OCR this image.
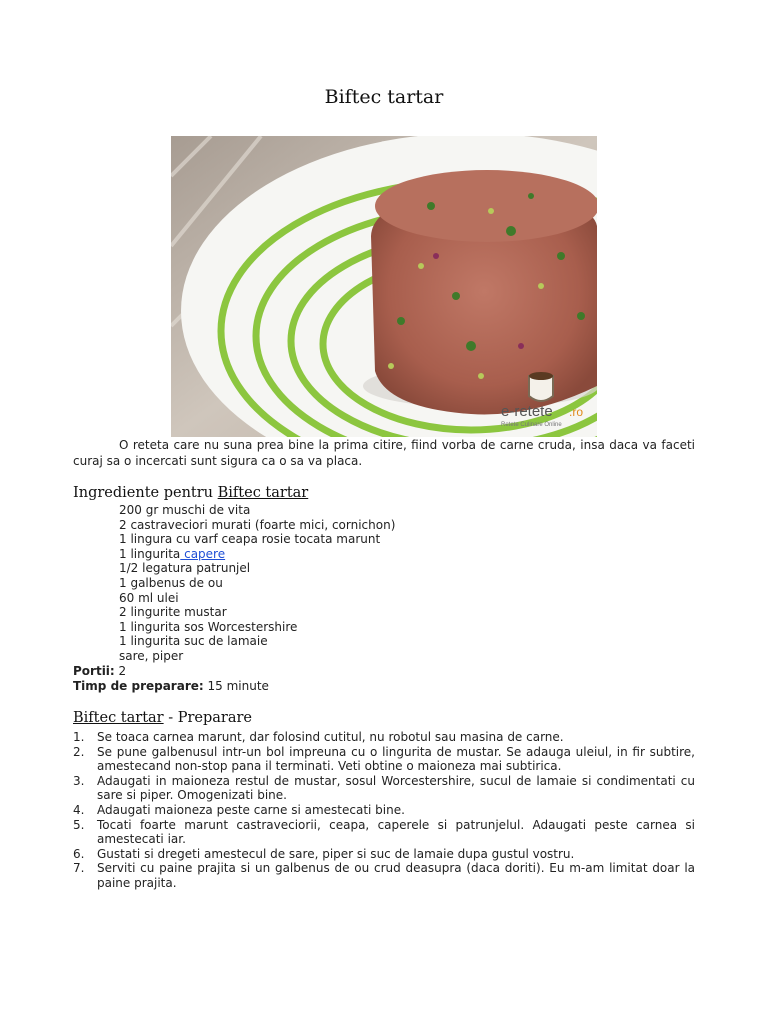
Biftec tartar
e-retete .ro
Retete Culinare Online

O reteta care nu suna prea bine la prima citire, fiind vorba de carne cruda, insa daca va faceti curaj sa o incercati sunt sigura ca o sa va placa.

Ingrediente pentru Biftec tartar
200 gr muschi de vita
2 castraveciori murati (foarte mici, cornichon)
1 lingura cu varf ceapa rosie tocata marunt
1 lingurita capere
1/2 legatura patrunjel
1 galbenus de ou
60 ml ulei
2 lingurite mustar
1 lingurita sos Worcestershire
1 lingurita suc de lamaie
sare, piper
Portii: 2
Timp de preparare: 15 minute
Biftec tartar - Preparare
1.	Se toaca carnea marunt, dar folosind cutitul, nu robotul sau masina de carne.
2.	Se pune galbenusul intr-un bol impreuna cu o lingurita de mustar. Se adauga uleiul, in fir subtire, amestecand non-stop pana il terminati. Veti obtine o maioneza mai subtirica.
3.	Adaugati in maioneza restul de mustar, sosul Worcestershire, sucul de lamaie si condimentati cu sare si piper. Omogenizati bine.
4.	Adaugati maioneza peste carne si amestecati bine.
5.	Tocati foarte marunt castraveciorii, ceapa, caperele si patrunjelul. Adaugati peste carnea si amestecati iar.
6.	Gustati si dregeti amestecul de sare, piper si suc de lamaie dupa gustul vostru.
7.	Serviti cu paine prajita si un galbenus de ou crud deasupra (daca doriti). Eu m-am limitat doar la paine prajita.
